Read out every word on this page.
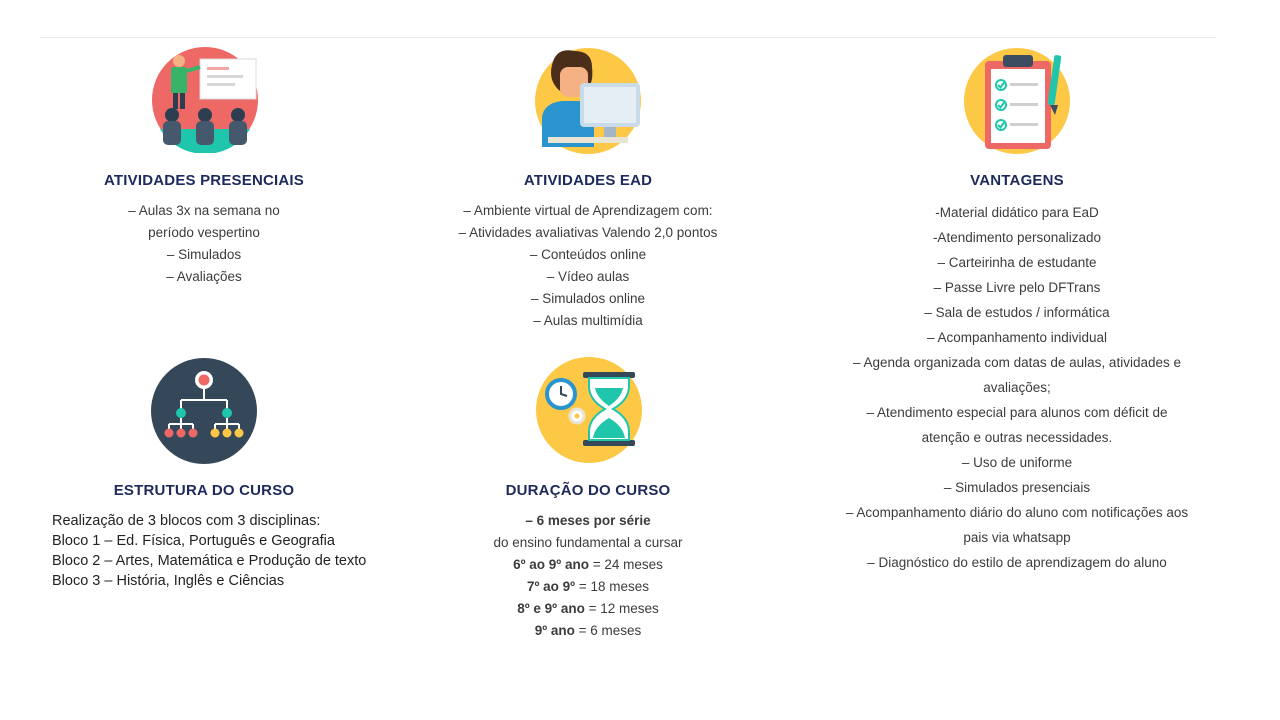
ATIVIDADES PRESENCIAIS	ATIVIDADES EAD	VANTAGENS
ESTRUTURA DO CURSO	DURAÇÃO DO CURSO
– Aulas 3x na semana no
período vespertino
– Simulados
– Avaliações
– Ambiente virtual de Aprendizagem com:
– Atividades avaliativas Valendo 2,0 pontos
– Conteúdos online
– Vídeo aulas
– Simulados online
– Aulas multimídia
-Material didático para EaD
-Atendimento personalizado
– Carteirinha de estudante
– Passe Livre pelo DFTrans
– Sala de estudos / informática
– Acompanhamento individual
– Agenda organizada com datas de aulas, atividades e
avaliações;
– Atendimento especial para alunos com déficit de
atenção e outras necessidades.
– Uso de uniforme
– Simulados presenciais
– Acompanhamento diário do aluno com notificações aos
pais via whatsapp
– Diagnóstico do estilo de aprendizagem do aluno
Realização de 3 blocos com 3 disciplinas:
Bloco 1 – Ed. Física, Português e Geografia
Bloco 2 – Artes, Matemática e Produção de texto
Bloco 3 – História, Inglês e Ciências
– 6 meses por série
do ensino fundamental a cursar
6º ao 9º ano = 24 meses
7º ao 9º = 18 meses
8º e 9º ano = 12 meses
9º ano = 6 meses
